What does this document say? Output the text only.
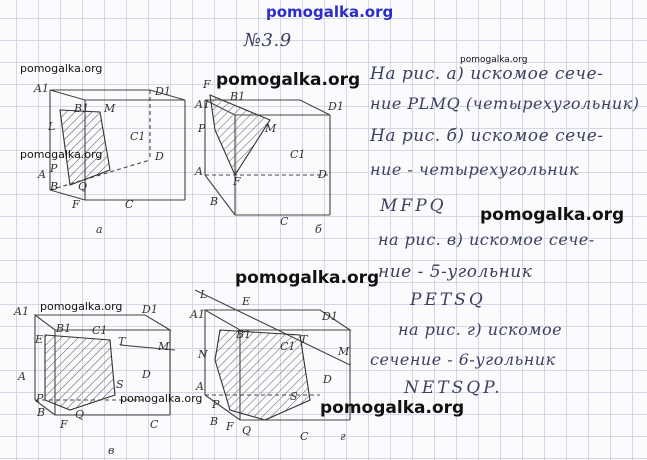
а	б
в
г
A1
B1
D1
M
C1
L
D
P
B Q
F	C
A
F
A1
B1
D1
M
C1
P
A
F
D
B
C
A1
B1 C1
D1
E	T	M
A
S
D
P
B	Q
F	C
L
E
D1
A1
B1
C1
T
N	M
A
S
P
D
B F Q	C
№3.9
На рис. а) искомое сече-
ние PLMQ (четырехугольник)
На рис. б) искомое сече-
ние - четырехугольник
MFPQ
на рис. в) искомое сече-
ние - 5-угольник
PETSQ
на рис. г) искомое
сечение - 6-угольник
NETSQP.
pomogalka.org
pomogalka.org
pomogalka.org
pomogalka.org
pomogalka.org
pomogalka.org
pomogalka.org
pomogalka.org
pomogalka.org	pomogalka.org
